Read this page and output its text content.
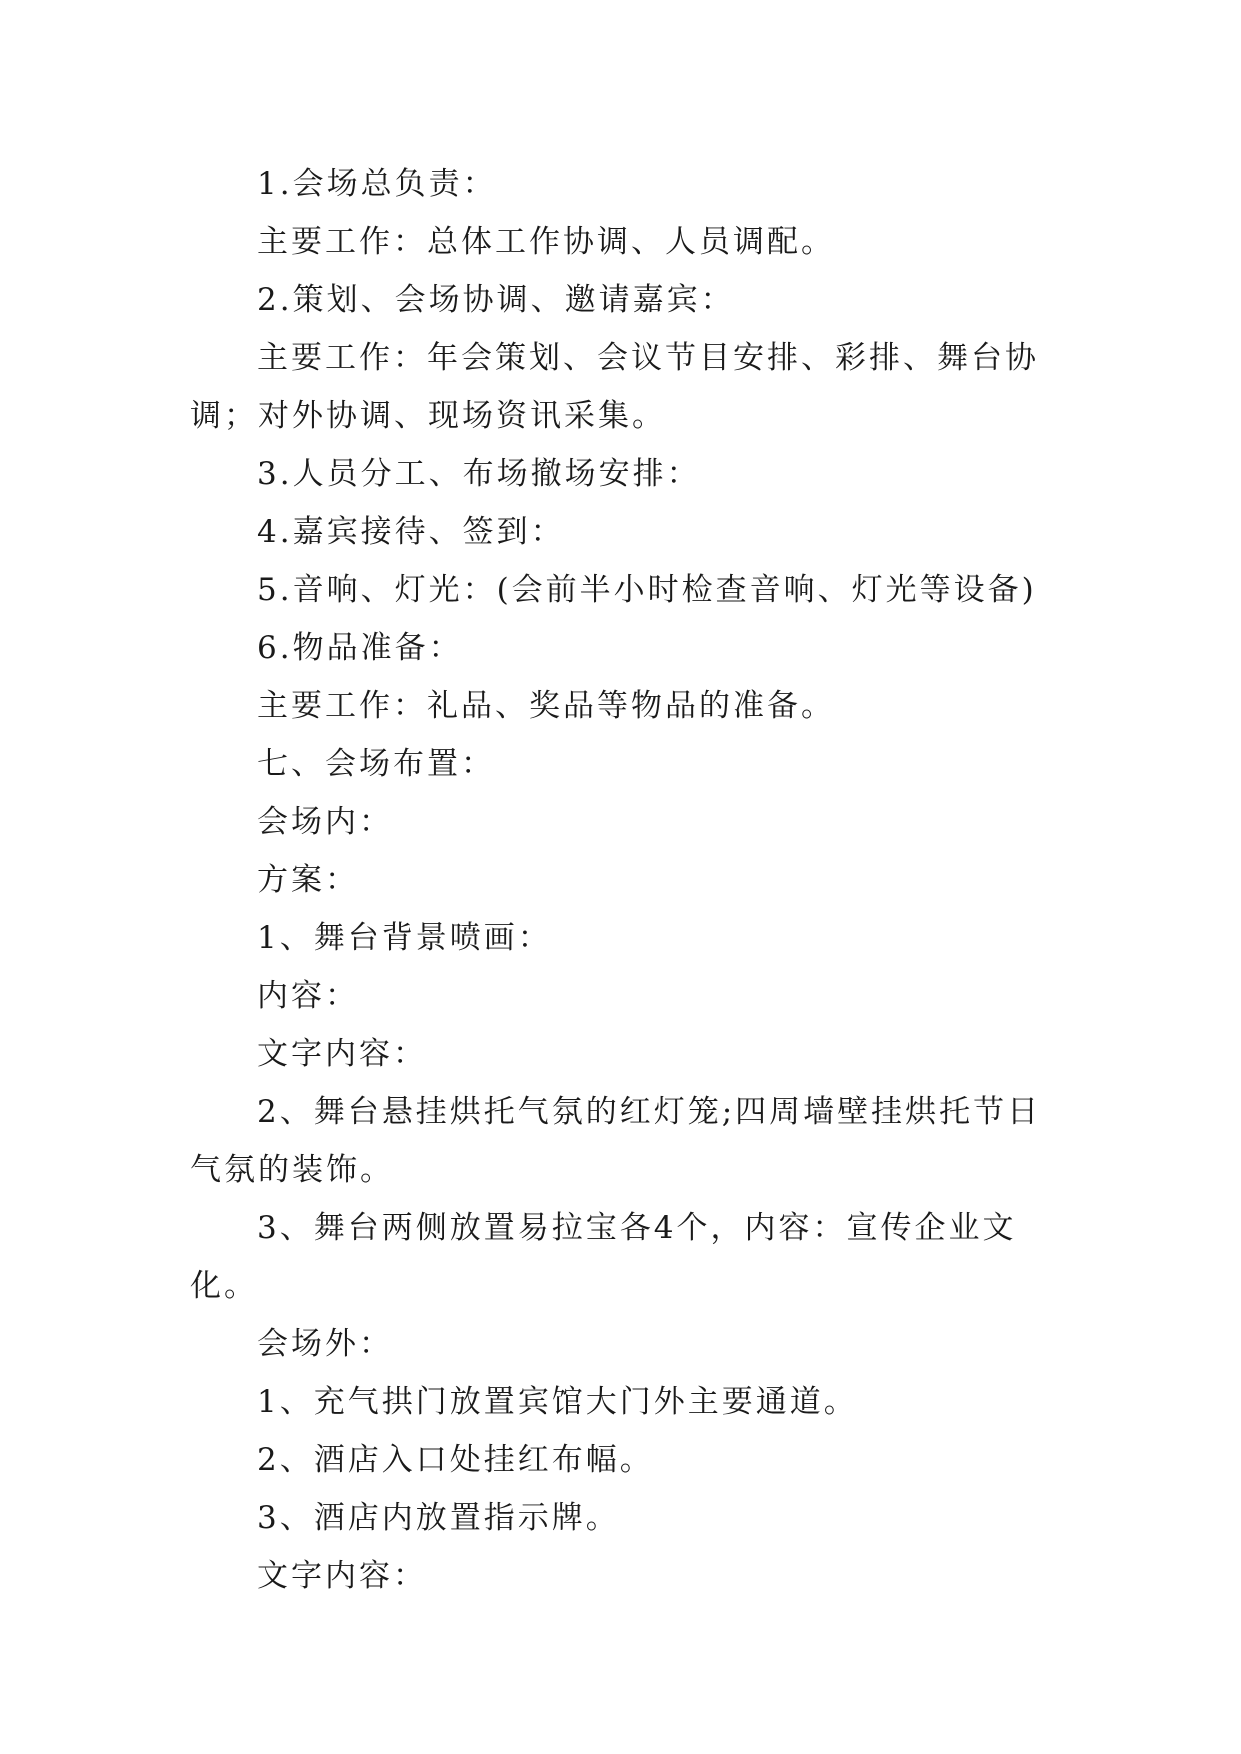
1.会场总负责：

主要工作：总体工作协调、人员调配。

2.策划、会场协调、邀请嘉宾：

主要工作：年会策划、会议节目安排、彩排、舞台协调；对外协调、现场资讯采集。

3.人员分工、布场撤场安排：

4.嘉宾接待、签到：

5.音响、灯光：(会前半小时检查音响、灯光等设备)

6.物品准备：

主要工作：礼品、奖品等物品的准备。

七、会场布置：

会场内：

方案：

1、舞台背景喷画：

内容：

文字内容：

2、舞台悬挂烘托气氛的红灯笼;四周墙壁挂烘托节日气氛的装饰。

3、舞台两侧放置易拉宝各4个，内容：宣传企业文化。

会场外：

1、充气拱门放置宾馆大门外主要通道。

2、酒店入口处挂红布幅。

3、酒店内放置指示牌。

文字内容：
